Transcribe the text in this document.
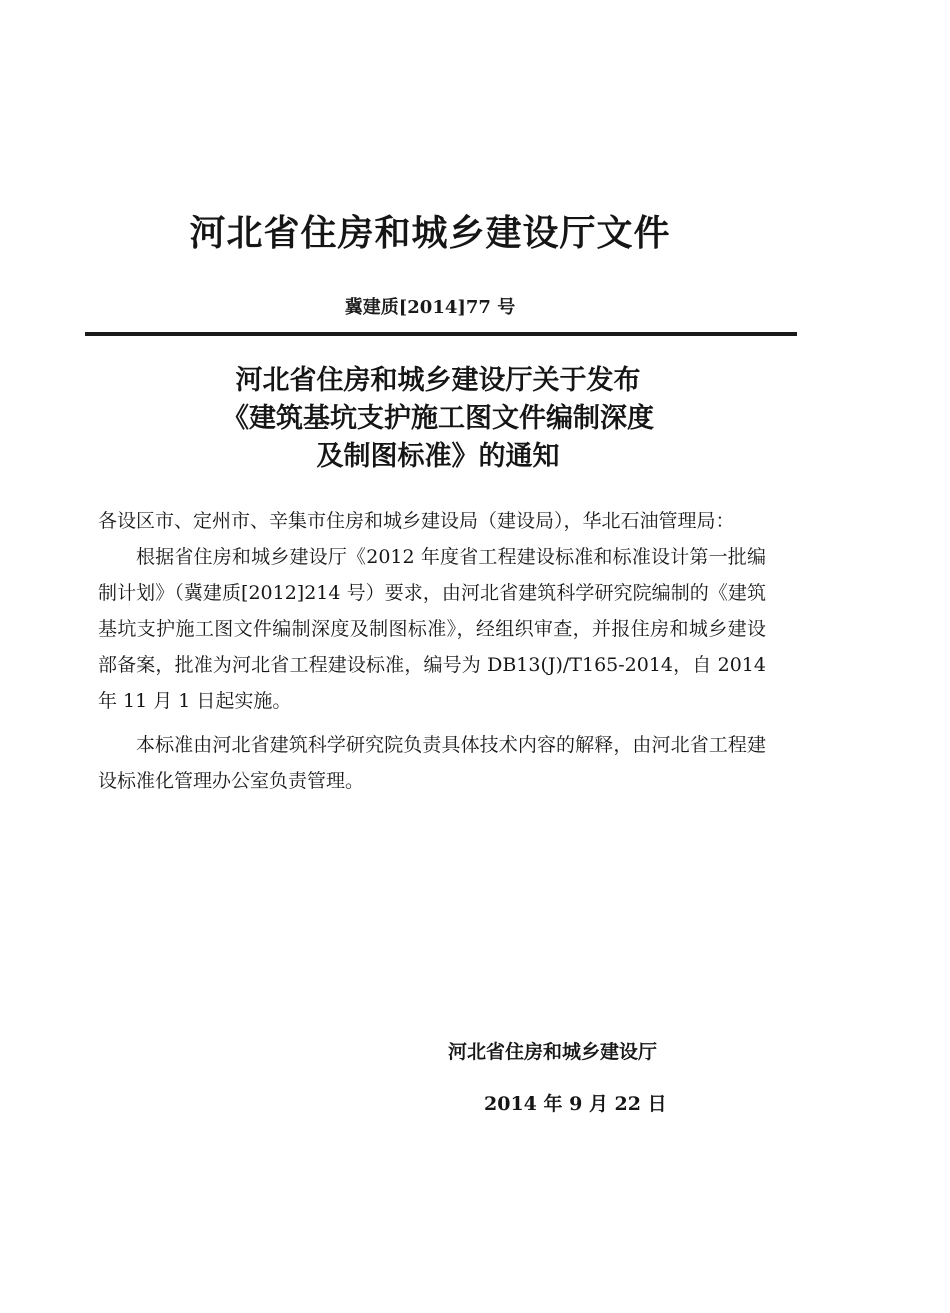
河北省住房和城乡建设厅文件
冀建质[2014]77 号
河北省住房和城乡建设厅关于发布
《建筑基坑支护施工图文件编制深度
及制图标准》的通知

各设区市、定州市、辛集市住房和城乡建设局（建设局），华北石油管理局：

根据省住房和城乡建设厅《2012 年度省工程建设标准和标准设计第一批编制计划》（冀建质[2012]214 号）要求，由河北省建筑科学研究院编制的《建筑基坑支护施工图文件编制深度及制图标准》，经组织审查，并报住房和城乡建设部备案，批准为河北省工程建设标准，编号为 DB13(J)/T165-2014，自 2014 年 11 月 1 日起实施。

本标准由河北省建筑科学研究院负责具体技术内容的解释，由河北省工程建设标准化管理办公室负责管理。

河北省住房和城乡建设厅
2014 年 9 月 22 日
